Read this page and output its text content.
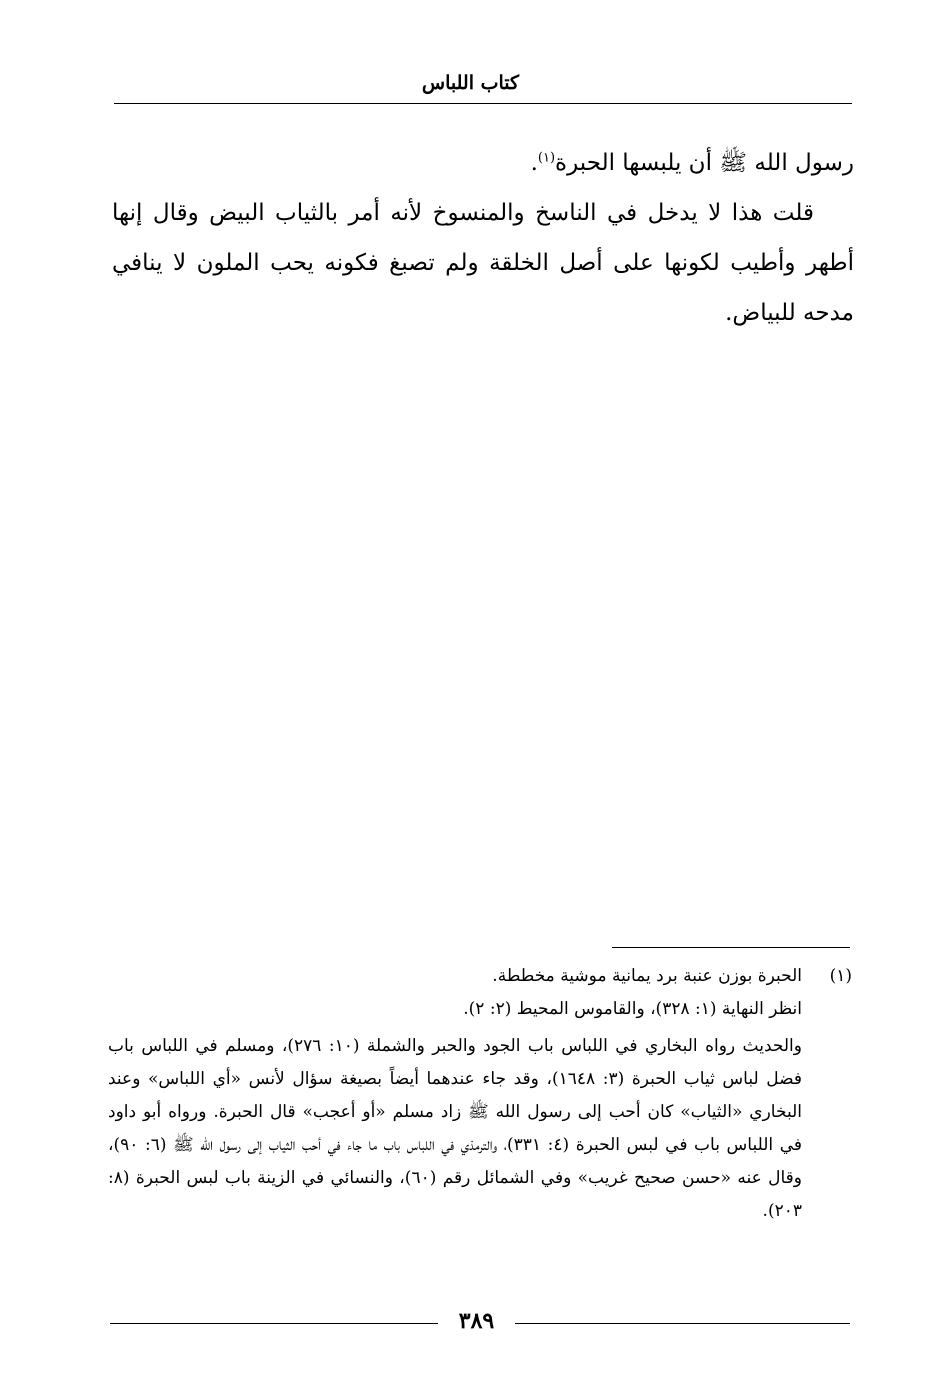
كتاب اللباس

رسول الله ﷺ أن يلبسها الحبرة$^{(١)}$.

قلت هذا لا يدخل في الناسخ والمنسوخ لأنه أمر بالثياب البيض وقال إنها أطهر وأطيب لكونها على أصل الخلقة ولم تصبغ فكونه يحب الملون لا ينافي مدحه للبياض.

(١)

الحبرة بوزن عنبة برد يمانية موشية مخططة.

انظر النهاية (١: ٣٢٨)، والقاموس المحيط (٢: ٢).

والحديث رواه البخاري في اللباس باب الجود والحبر والشملة (١٠: ٢٧٦)، ومسلم في اللباس باب فضل لباس ثياب الحبرة (٣: ١٦٤٨)، وقد جاء عندهما أيضاً بصيغة سؤال لأنس «أي اللباس» وعند البخاري «الثياب» كان أحب إلى رسول الله ﷺ زاد مسلم «أو أعجب» قال الحبرة. ورواه أبو داود في اللباس باب في لبس الحبرة (٤: ٣٣١)، والترمذي في اللباس باب ما جاء في أحب الثياب إلى رسول الله ﷺ (٦: ٩٠)، وقال عنه «حسن صحيح غريب» وفي الشمائل رقم (٦٠)، والنسائي في الزينة باب لبس الحبرة (٨: ٢٠٣).

٣٨٩
